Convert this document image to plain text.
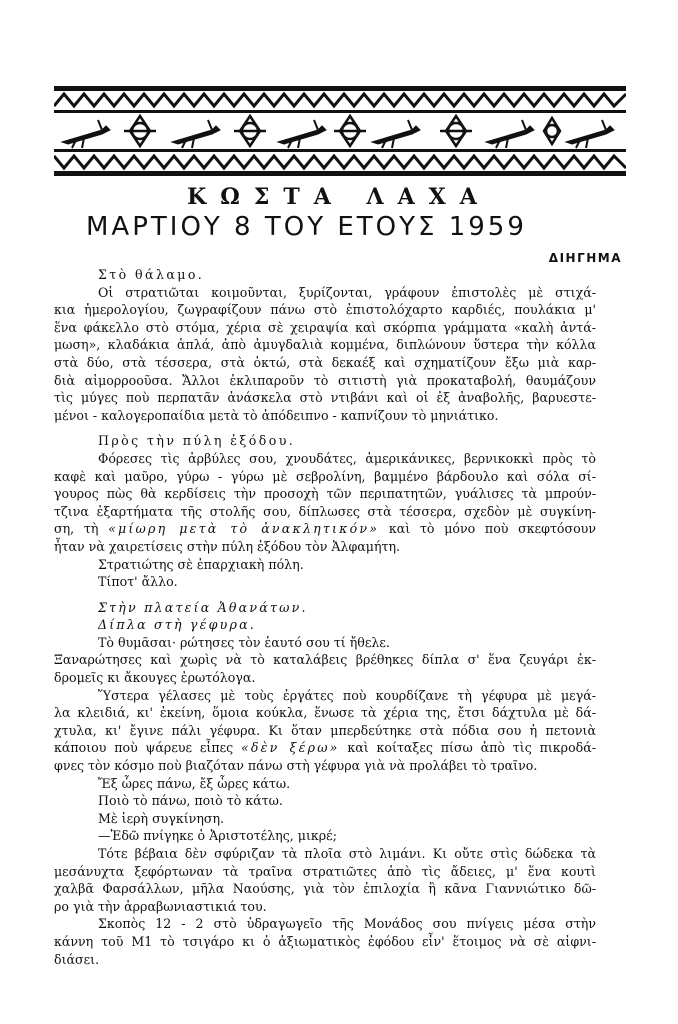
ΚΩΣΤΑ ΛΑΧΑ
ΜΑΡΤΙΟΥ 8 ΤΟΥ ΕΤΟΥΣ 1959
ΔΙΗΓΗΜΑ
Στὸ θάλαμο.
Οἱ στρατιῶται κοιμοῦνται, ξυρίζονται, γράφουν ἐπιστολὲς μὲ στιχά-
κια ἡμερολογίου, ζωγραφίζουν πάνω στὸ ἐπιστολόχαρτο καρδιές, πουλάκια μ'
ἕνα φάκελλο στὸ στόμα, χέρια σὲ χειραψία καὶ σκόρπια γράμματα «καλὴ ἀντά-
μωση», κλαδάκια ἁπλά, ἀπὸ ἀμυγδαλιὰ κομμένα, διπλώνουν ὕστερα τὴν κόλλα
στὰ δύο, στὰ τέσσερα, στὰ ὀκτώ, στὰ δεκαέξ καὶ σχηματίζουν ἔξω μιὰ καρ-
διὰ αἱμορροοῦσα. Ἄλλοι ἐκλιπαροῦν τὸ σιτιστὴ γιὰ προκαταβολή, θαυμάζουν
τὶς μύγες ποὺ περπατᾶν ἀνάσκελα στὸ ντιβάνι καὶ οἱ ἐξ ἀναβολῆς, βαρυεστε-
μένοι - καλογεροπαίδια μετὰ τὸ ἀπόδειπνο - καπνίζουν τὸ μηνιάτικο.
Πρὸς τὴν πύλη ἐξόδου.
Φόρεσες τὶς ἀρβύλες σου, χνουδάτες, ἀμερικάνικες, βερνικοκκὶ πρὸς τὸ
καφὲ καὶ μαῦρο, γύρω - γύρω μὲ σεβρολίνη, βαμμένο βάρδουλο καὶ σόλα σί-
γουρος πὼς θὰ κερδίσεις τὴν προσοχὴ τῶν περιπατητῶν, γυάλισες τὰ μπρούν-
τζινα ἐξαρτήματα τῆς στολῆς σου, δίπλωσες στὰ τέσσερα, σχεδὸν μὲ συγκίνη-
ση, τὴ «μίωρη μετὰ τὸ ἀνακλητικόν» καὶ τὸ μόνο ποὺ σκεφτόσουν
ἦταν νὰ χαιρετίσεις στὴν πύλη ἐξόδου τὸν Ἀλφαμήτη.
Στρατιώτης σὲ ἐπαρχιακὴ πόλη.
Τίποτ' ἄλλο.
Στὴν πλατεία Ἀθανάτων.
Δίπλα στὴ γέφυρα.
Τὸ θυμᾶσαι· ρώτησες τὸν ἑαυτό σου τί ἤθελε.
Ξαναρώτησες καὶ χωρὶς νὰ τὸ καταλάβεις βρέθηκες δίπλα σ' ἕνα ζευγάρι ἐκ-
δρομεῖς κι ἄκουγες ἐρωτόλογα.
Ὕστερα γέλασες μὲ τοὺς ἐργάτες ποὺ κουρδίζανε τὴ γέφυρα μὲ μεγά-
λα κλειδιά, κι' ἐκείνη, ὅμοια κούκλα, ἕνωσε τὰ χέρια της, ἔτσι δάχτυλα μὲ δά-
χτυλα, κι' ἔγινε πάλι γέφυρα. Κι ὅταν μπερδεύτηκε στὰ πόδια σου ἡ πετονιὰ
κάποιου ποὺ ψάρευε εἶπες «δὲν ξέρω» καὶ κοίταξες πίσω ἀπὸ τὶς πικροδά-
φνες τὸν κόσμο ποὺ βιαζόταν πάνω στὴ γέφυρα γιὰ νὰ προλάβει τὸ τραῖνο.
Ἔξ ὧρες πάνω, ἔξ ὧρες κάτω.
Ποιὸ τὸ πάνω, ποιὸ τὸ κάτω.
Μὲ ἱερὴ συγκίνηση.
—Ἐδῶ πνίγηκε ὁ Ἀριστοτέλης, μικρέ;
Τότε βέβαια δὲν σφύριζαν τὰ πλοῖα στὸ λιμάνι. Κι οὔτε στὶς δώδεκα τὰ
μεσάνυχτα ξεφόρτωναν τὰ τραῖνα στρατιῶτες ἀπὸ τὶς ἄδειες, μ' ἕνα κουτὶ
χαλβᾶ Φαρσάλλων, μῆλα Ναούσης, γιὰ τὸν ἐπιλοχία ἢ κᾶνα Γιαννιώτικο δῶ-
ρο γιὰ τὴν ἀρραβωνιαστικιά του.
Σκοπὸς 12 - 2 στὸ ὑδραγωγεῖο τῆς Μονάδος σου πνίγεις μέσα στὴν
κάννη τοῦ Μ1 τὸ τσιγάρο κι ὁ ἀξιωματικὸς ἐφόδου εἶν' ἕτοιμος νὰ σὲ αἰφνι-
διάσει.
